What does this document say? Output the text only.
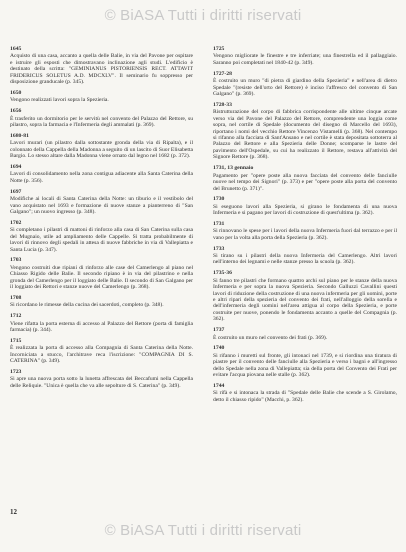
© BiASA Tutti i diritti riservati
1645
Acquisto di una casa, accanto a quella delle Balie, in via del Pavone per ospitare e istruire gli esposti che dimostravano inclinazione agli studi. L'edificio è destinato della scritta: "GEMINIANUS PISTORIENSIS RECT. ATTAVIT FRIDERICUS SOLETUS A.D. MDCXLV". Il seminario fu soppresso per disposizione granducale (p. 345).
1650
Vengono realizzati lavori sopra la Spezieria.
1656
È trasferito un dormitorio per le servitù nel convento del Palazzo del Rettore, su pilastro, sopra la farmacia e l'Infermeria degli ammalati (p. 369).
1680-81
Lavori murari (un pilastro dalla sottostante gronda della via di Ripalta), e il colonnato della Cappella della Madonna a seguito di un lascito di Suor Elisabetta Bargio. Lo stesso altare dalla Madonna viene ornato dal legno nel 1682 (p. 372).
1694
Lavori di consolidamento nella zona contigua adiacente alla Santa Caterina della Notte (p. 356).
1697
Modifiche ai locali di Santa Caterina della Notte: un tiburio e il vestibolo del vano acquistato nel 1693 e formazione di nuove stanze a pianterreno di "San Galgano"; un nuovo ingresso (p. 348).
1702
Si completano i pilastri di mattoni di rinforzo alla casa di San Caterina sulla casa del Mugnaio, utile ad ampliamento delle Cappelle. Si tratta probabilmente di lavori di rinnovo degli spedali in attesa di nuove fabbriche in via di Vallepiatta e Santa Lucia (p. 347).
1703
Vengono costruiti due ripiani di rinforzo alle case del Camerlengo al piano nel Chiasso Rigido delle Balie. Il secondo ripiano è in via del pilastrino e nella gronda del Camerlengo per il loggiato delle Balie. Il secondo di San Galgano per il loggiato dei Rettori e stanze nuove del Camerlengo (p. 368).
1708
Si ricordano le rimesse della cucina dei sacerdoti, completo (p. 348).
1712
Viene rifatta la porta esterna di accesso al Palazzo del Rettore (porta di famiglia farmacia) (p. 344).
1715
È realizzata la porta di accesso alla Compagnia di Santa Caterina della Notte. Incorniciata a stucco, l'architrave reca l'iscrizione: "COMPAGNIA DI S. CATERINA" (p. 349).
1723
Si apre una nuova porta sotto la lunetta affrescata del Beccafumi nella Cappella delle Reliquie. "Unica è quella che va alle sepolture di S. Caterina" (p. 349).
1725
Vengono migliorate le finestre e tre inferriate; una finestrella ed il pallaggiaio. Saranno poi completati nel 1840-42 (p. 349).
1727-28
È costruito un muro "di pietra di giardino della Spezieria" e nell'area di dietro Spedale "(resiste dell'orto del Rettore) è inciso l'affresco del convento di San Galgano" (p. 369).
1728-33
Ristrutturazione del corpo di fabbrica corrispondente alle ultime cinque arcate verso via del Pavone del Palazzo del Rettore, comprendente una loggia come sopra, nel cortile di Spedale (documento del disegno di Marcello del 1693), riportano i nomi del vecchio Rettore Vincenzo Vistamelli (p. 368). Nel contempo si rifanno alla facciata di Sant'Ansano e nel cortile è stata depositata sottoterra al Palazzo del Rettore e alla Spezieria delle Donne; scomparse le lastre del pavimento dell'Ospedale, su cui ha realizzato il Rettore, restava all'attività del Signore Rettore (p. 368).
1731, 13 gennaio
Pagamento per "opere poste alla nuova facciata del convento delle fanciulle nuove nel tempo dei Signori" (p. 373) e per "opere poste alla porta del convento del Brunetto (p. 371)".
1730
Si eseguono lavori alla Spezieria, si girano le fondamenta di una nuova Infermeria e si pagano per lavori di costruzione di quest'ultima (p. 362).
1731
Si rinnovano le spese per i lavori della nuova Infermeria fuori dal terrazzo e per il vano per la volta alla porta della Spezieria (p. 362).
1733
Si tirano su i pilastri della nuova Infermeria del Camerlengo. Altri lavori nell'interno dei legnami e nelle stanze presso la scuola (p. 362).
1735-36
Si fanno tre pilastri che formano quattro archi sul piano per le stanze della nuova Infermeria e per sopra la nuova Spezieria. Secondo Galluzzi Cavallini questi lavori di riduzione della costruzione di una nuova infermeria per gli uomini, porte e altri ripari della spezieria del convento dei frati, nell'alloggio della sorella e dell'infermeria degli uomini nell'area attigua al corpo della Spezieria, e porte costruite per nuove, ponendo le fondamenta accanto a quelle del Compagnia (p. 362).
1737
È costruito un muro nel convento dei frati (p. 369).
1740
Si rifanno i muretti sul fronte, gli intonaci nel 1739, e si riordina una tiratura di piastre per il convento delle fanciulle alla Spezieria e verso i bagni e all'ingresso dello Spedale nella zona di Vallepiatta; sia della porta del Convento dei Frati per evitare l'acqua piovana nelle stalle (p. 362).
1744
Si rifà e si intonaca la strada di "Spedale delle Balie che scende a S. Girolamo, detto il chiasso ripido" (Macchi, p. 362).
12
© BiASA Tutti i diritti riservati
